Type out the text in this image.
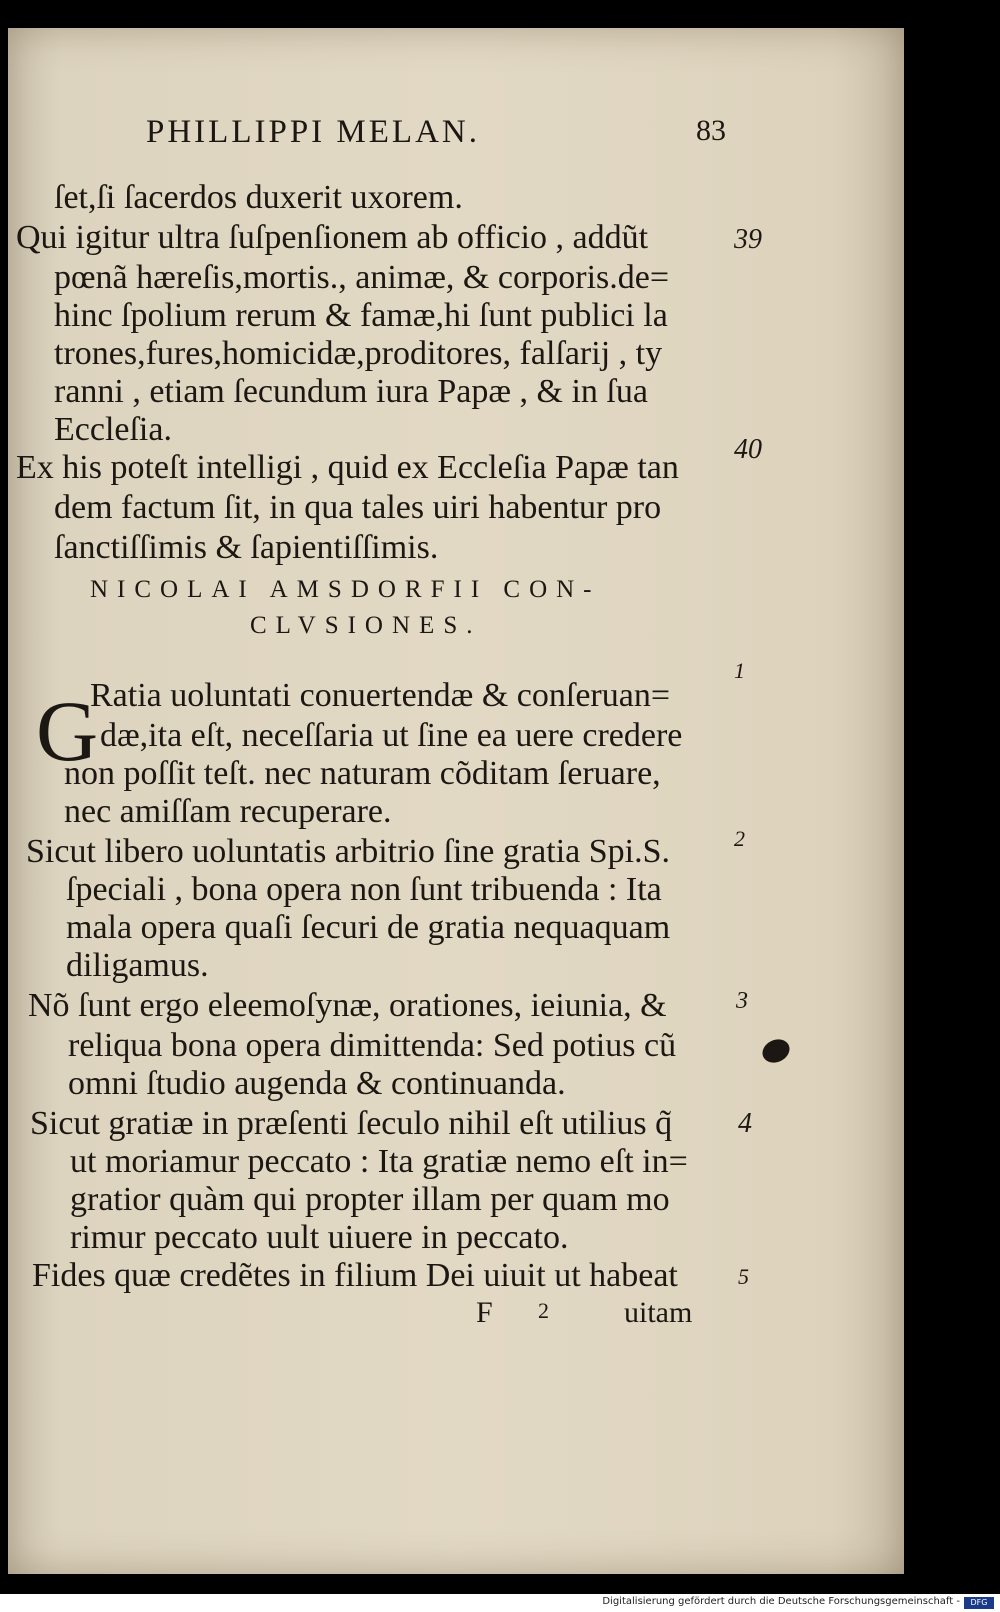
PHILLIPPI MELAN.	83
ſet,ſi ſacerdos duxerit uxorem.
Qui igitur ultra ſuſpenſionem ab officio , addũt
pœnã hæreſis,mortis., animæ, & corporis.de=
hinc ſpolium rerum & famæ,hi ſunt publici la
trones,fures,homicidæ,proditores, falſarij , ty
ranni , etiam ſecundum iura Papæ , & in ſua
Eccleſia.
Ex his poteſt intelligi , quid ex Eccleſia Papæ tan
dem factum ſit, in qua tales uiri habentur pro
ſanctiſſimis & ſapientiſſimis.
NICOLAI AMSDORFII CON-
CLVSIONES.
G
Ratia uoluntati conuertendæ & conſeruan=
dæ,ita eſt, neceſſaria ut ſine ea uere credere
non poſſit teſt. nec naturam cõditam ſeruare,
nec amiſſam recuperare.
Sicut libero uoluntatis arbitrio ſine gratia Spi.S.
ſpeciali , bona opera non ſunt tribuenda : Ita
mala opera quaſi ſecuri de gratia nequaquam
diligamus.
Nõ ſunt ergo eleemoſynæ, orationes, ieiunia, &
reliqua bona opera dimittenda: Sed potius cũ
omni ſtudio augenda & continuanda.
Sicut gratiæ in præſenti ſeculo nihil eſt utilius q̃
ut moriamur peccato : Ita gratiæ nemo eſt in=
gratior quàm qui propter illam per quam mo
rimur peccato uult uiuere in peccato.
Fides quæ credẽtes in filium Dei uiuit ut habeat
39
40
1
2
3
4
5
F 2	uitam
Digitalisierung gefördert durch die Deutsche Forschungsgemeinschaft -	DFG
